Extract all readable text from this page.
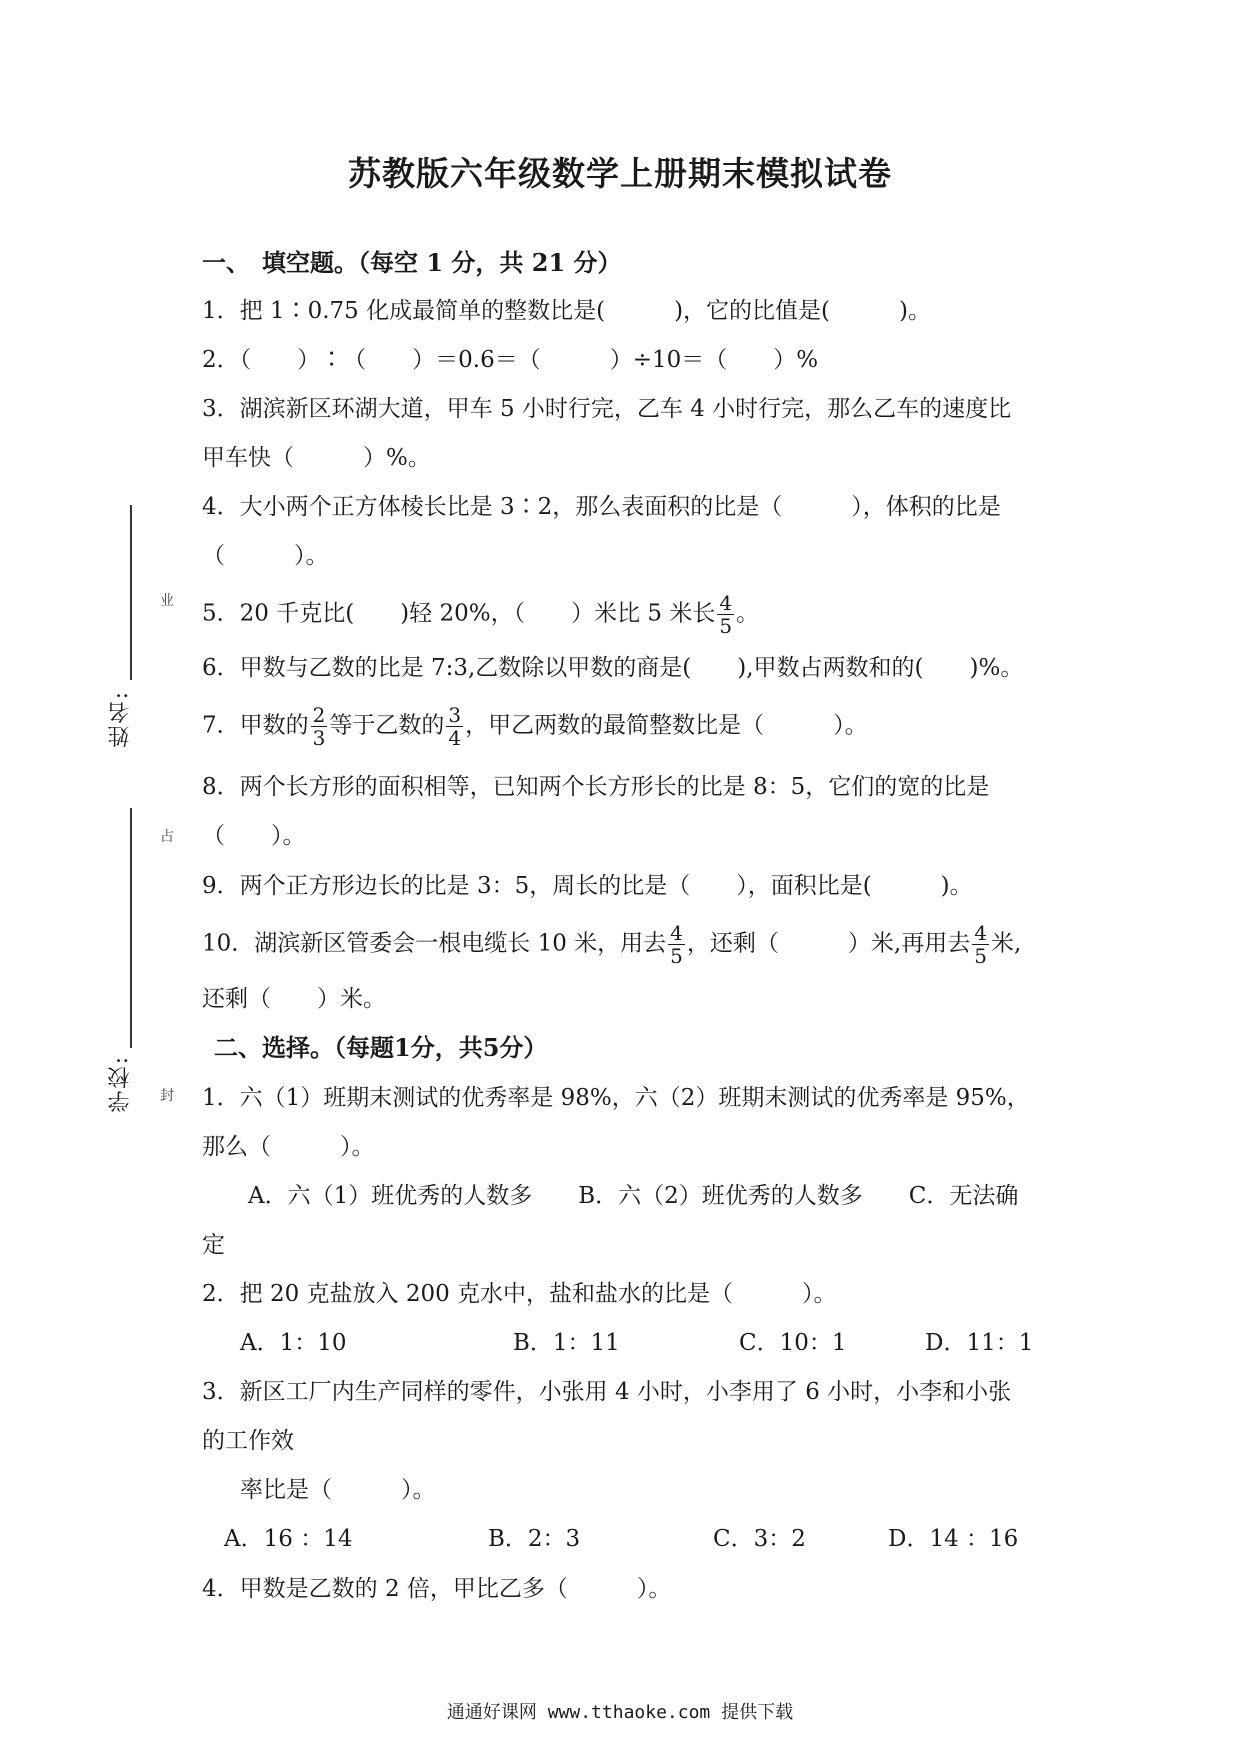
苏教版六年级数学上册期末模拟试卷
姓名:
学校:
业
占
封
一、　填空题。（每空 1 分，共 21 分）
1．把 1∶0.75 化成最简单的整数比是(　　　)，它的比值是(　　　)。
2．（　　）∶（　　）＝0.6＝（　　　）÷10＝（　　）%
3．湖滨新区环湖大道，甲车 5 小时行完，乙车 4 小时行完，那么乙车的速度比
甲车快（　　　）%。
4．大小两个正方体棱长比是 3∶2，那么表面积的比是（　　　），体积的比是
（　　　）。
5．20 千克比(　　)轻 20%，（　　）米比 5 米长 $\frac{4}{5}$ 。
6．甲数与乙数的比是 7:3,乙数除以甲数的商是(　　),甲数占两数和的(　　)%。
7．甲数的 $\frac{2}{3}$ 等于乙数的 $\frac{3}{4}$ ，甲乙两数的最简整数比是（　　　）。
8．两个长方形的面积相等，已知两个长方形长的比是 8：5，它们的宽的比是
（　　）。
9．两个正方形边长的比是 3：5，周长的比是（　　），面积比是(　　　)。
10．湖滨新区管委会一根电缆长 10 米，用去 $\frac{4}{5}$ ，还剩（　　　）米,再用去 $\frac{4}{5}$ 米,
还剩（　　）米。
二、选择。（每题1分，共5分）
1．六（1）班期末测试的优秀率是 98%，六（2）班期末测试的优秀率是 95%，
那么（　　　）。
A．六（1）班优秀的人数多　　B．六（2）班优秀的人数多　　C．无法确
定
2．把 20 克盐放入 200 克水中，盐和盐水的比是（　　　）。
A．1：10	B．1：11	C．10：1	D．11：1
3．新区工厂内生产同样的零件，小张用 4 小时，小李用了 6 小时，小李和小张
的工作效
率比是（　　　）。
A．16 ：14	B．2：3	C．3：2	D．14 ：16
4．甲数是乙数的 2 倍，甲比乙多（　　　）。
通通好课网 www.tthaoke.com 提供下载
